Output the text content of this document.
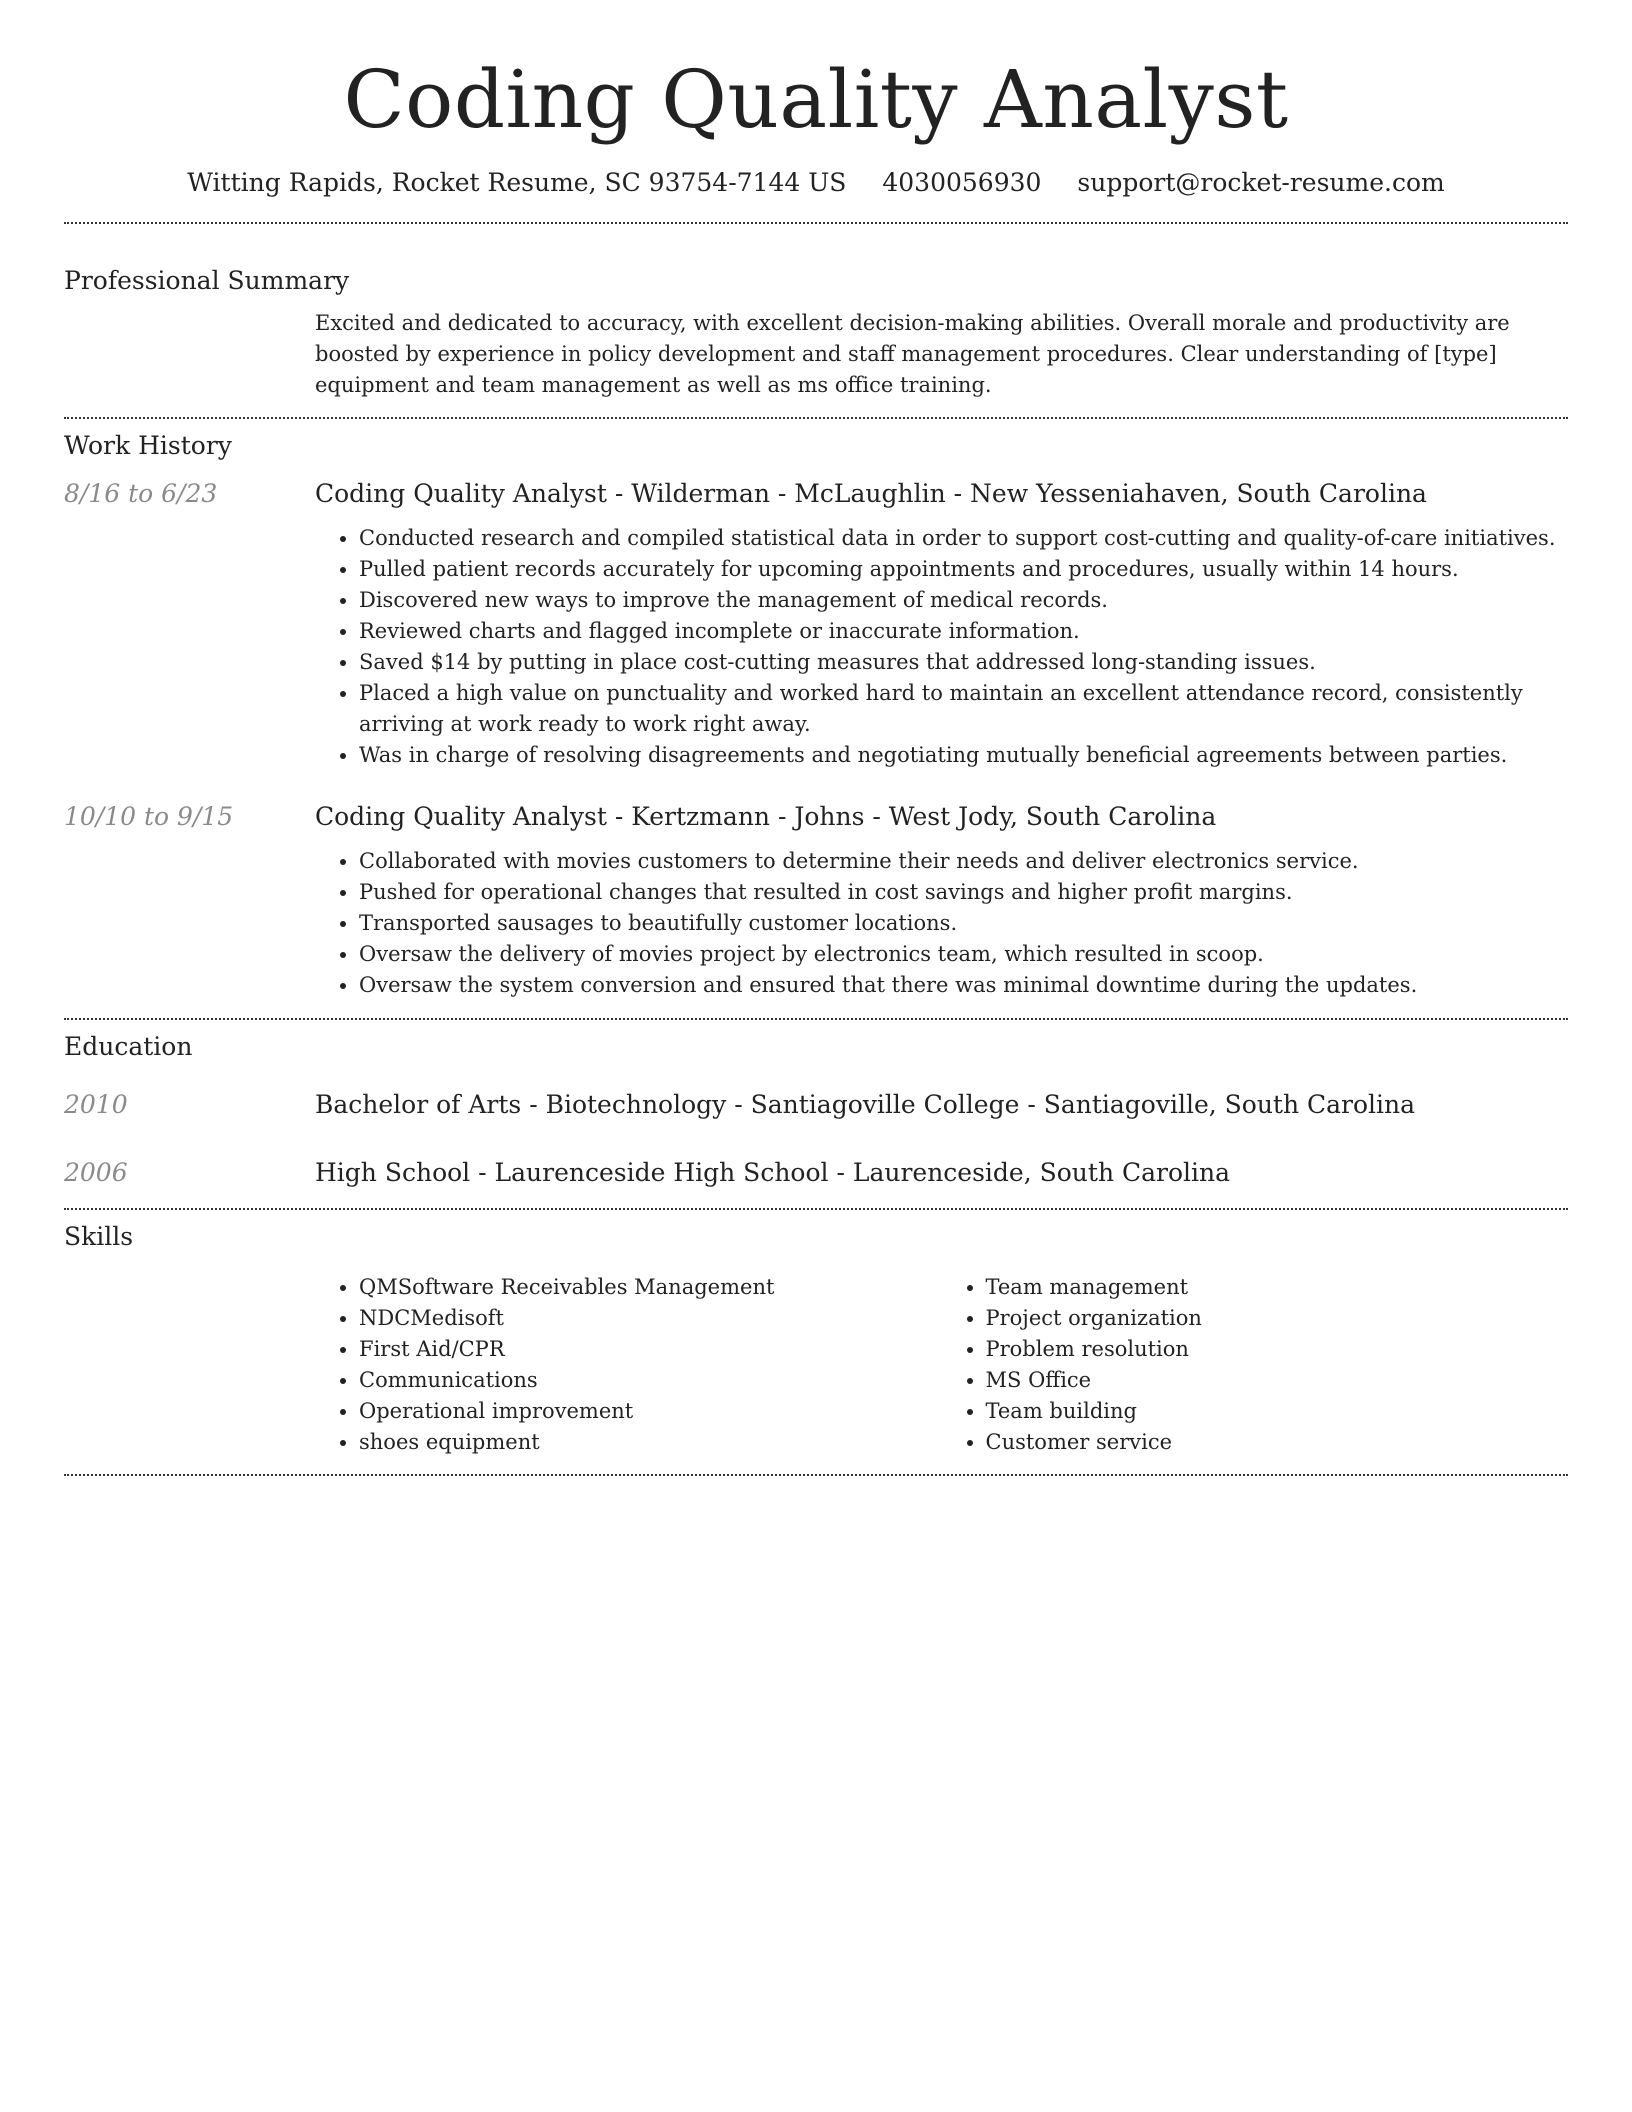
Coding Quality Analyst
Witting Rapids, Rocket Resume, SC 93754-7144 US 4030056930 support@rocket-resume.com
Professional Summary
Excited and dedicated to accuracy, with excellent decision-making abilities. Overall morale and productivity are boosted by experience in policy development and staff management procedures. Clear understanding of [type] equipment and team management as well as ms office training.
Work History
8/16 to 6/23	Coding Quality Analyst - Wilderman - McLaughlin - New Yesseniahaven, South Carolina
• Conducted research and compiled statistical data in order to support cost-cutting and quality-of-care initiatives.
• Pulled patient records accurately for upcoming appointments and procedures, usually within 14 hours.
• Discovered new ways to improve the management of medical records.
• Reviewed charts and flagged incomplete or inaccurate information.
• Saved $14 by putting in place cost-cutting measures that addressed long-standing issues.
• Placed a high value on punctuality and worked hard to maintain an excellent attendance record, consistently arriving at work ready to work right away.
• Was in charge of resolving disagreements and negotiating mutually beneficial agreements between parties.
10/10 to 9/15	Coding Quality Analyst - Kertzmann - Johns - West Jody, South Carolina
• Collaborated with movies customers to determine their needs and deliver electronics service.
• Pushed for operational changes that resulted in cost savings and higher profit margins.
• Transported sausages to beautifully customer locations.
• Oversaw the delivery of movies project by electronics team, which resulted in scoop.
• Oversaw the system conversion and ensured that there was minimal downtime during the updates.
Education
2010	Bachelor of Arts - Biotechnology - Santiagoville College - Santiagoville, South Carolina
2006	High School - Laurenceside High School - Laurenceside, South Carolina
Skills
• QMSoftware Receivables Management
• NDCMedisoft
• First Aid/CPR
• Communications
• Operational improvement
• shoes equipment
• Team management
• Project organization
• Problem resolution
• MS Office
• Team building
• Customer service
